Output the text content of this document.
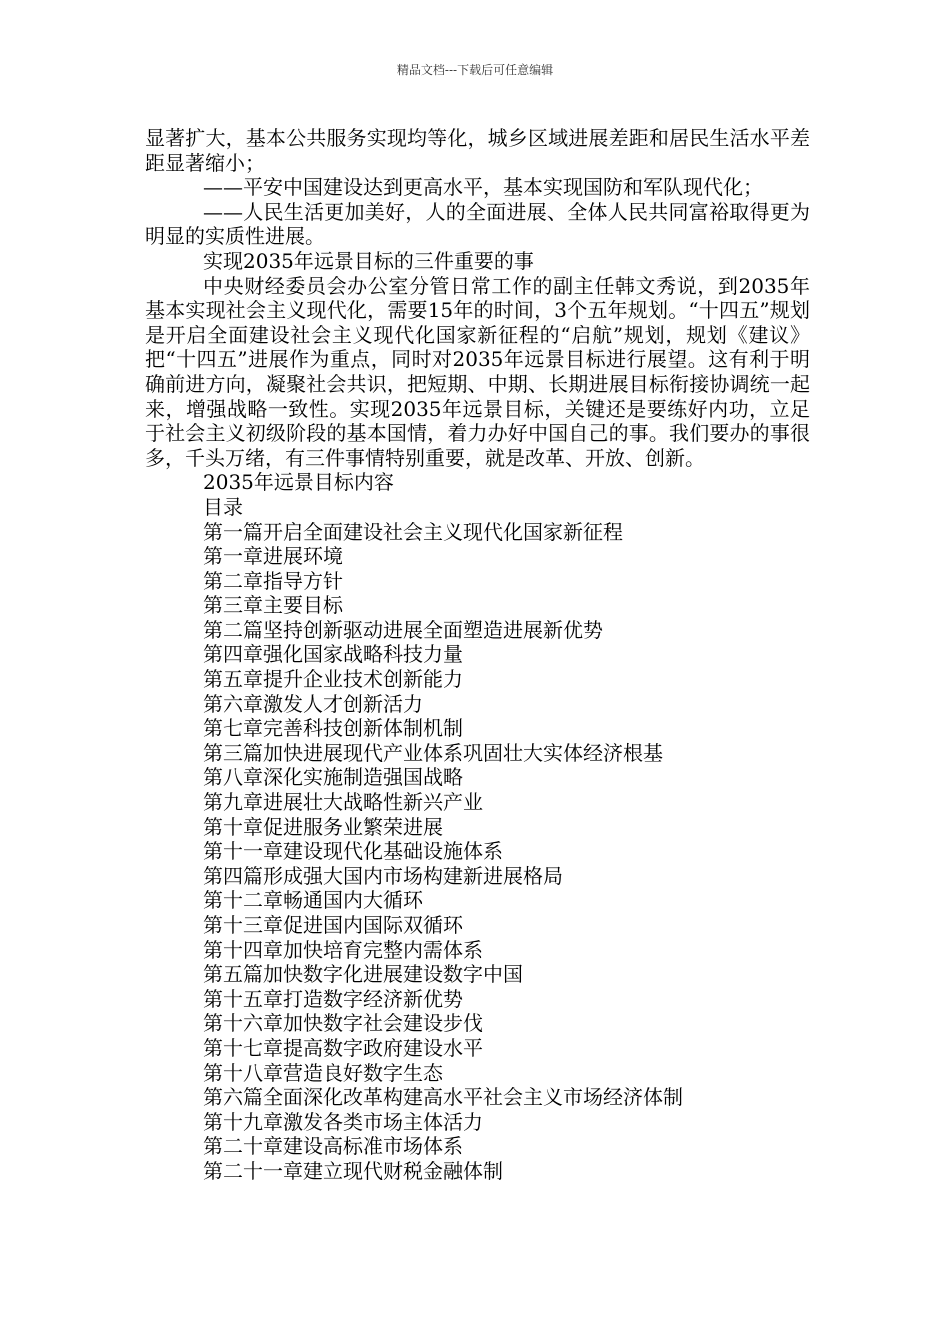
精品文档---下载后可任意编辑

显著扩大，基本公共服务实现均等化，城乡区域进展差距和居民生活水平差距显著缩小；

——平安中国建设达到更高水平，基本实现国防和军队现代化；

——人民生活更加美好，人的全面进展、全体人民共同富裕取得更为明显的实质性进展。

实现2035年远景目标的三件重要的事

中央财经委员会办公室分管日常工作的副主任韩文秀说，到2035年基本实现社会主义现代化，需要15年的时间，3个五年规划。“十四五”规划是开启全面建设社会主义现代化国家新征程的“启航”规划，规划《建议》把“十四五”进展作为重点，同时对2035年远景目标进行展望。这有利于明确前进方向，凝聚社会共识，把短期、中期、长期进展目标衔接协调统一起来，增强战略一致性。实现2035年远景目标，关键还是要练好内功，立足于社会主义初级阶段的基本国情，着力办好中国自己的事。我们要办的事很多，千头万绪，有三件事情特别重要，就是改革、开放、创新。

2035年远景目标内容

目录

第一篇开启全面建设社会主义现代化国家新征程
第一章进展环境
第二章指导方针
第三章主要目标
第二篇坚持创新驱动进展全面塑造进展新优势
第四章强化国家战略科技力量
第五章提升企业技术创新能力
第六章激发人才创新活力
第七章完善科技创新体制机制
第三篇加快进展现代产业体系巩固壮大实体经济根基
第八章深化实施制造强国战略
第九章进展壮大战略性新兴产业
第十章促进服务业繁荣进展
第十一章建设现代化基础设施体系
第四篇形成强大国内市场构建新进展格局
第十二章畅通国内大循环
第十三章促进国内国际双循环
第十四章加快培育完整内需体系
第五篇加快数字化进展建设数字中国
第十五章打造数字经济新优势
第十六章加快数字社会建设步伐
第十七章提高数字政府建设水平
第十八章营造良好数字生态
第六篇全面深化改革构建高水平社会主义市场经济体制
第十九章激发各类市场主体活力
第二十章建设高标准市场体系
第二十一章建立现代财税金融体制
